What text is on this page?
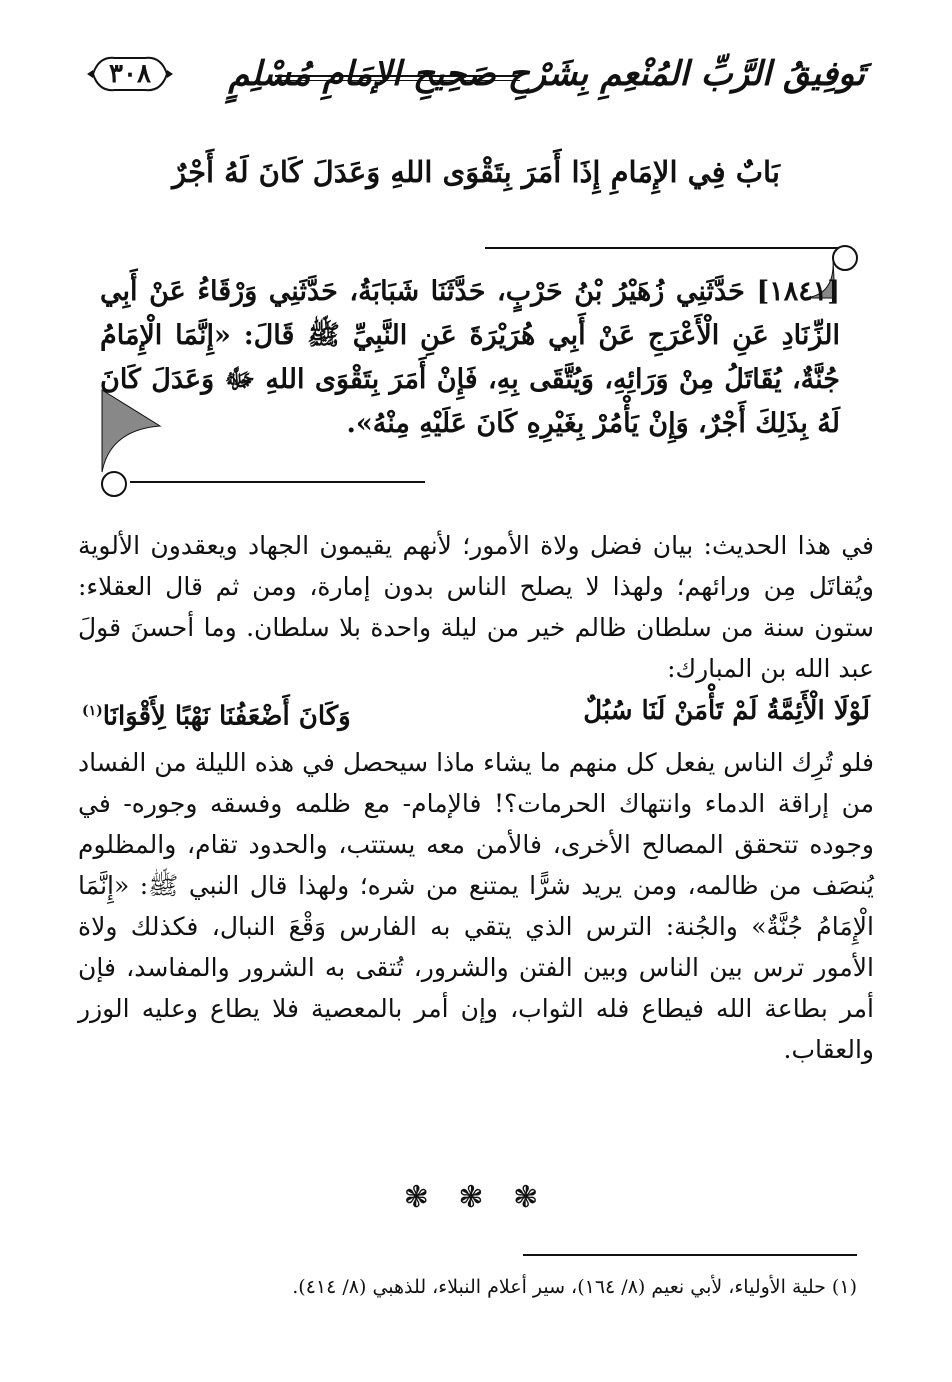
٣٠٨ تَوفِيقُ الرَّبِّ المُنْعِمِ بِشَرْحِ صَحِيحِ الإمَامِ مُسْلِمٍ
بَابٌ فِي الإِمَامِ إِذَا أَمَرَ بِتَقْوَى اللهِ وَعَدَلَ كَانَ لَهُ أَجْرٌ
[١٨٤١] حَدَّثَنِي زُهَيْرُ بْنُ حَرْبٍ، حَدَّثَنَا شَبَابَةُ، حَدَّثَنِي وَرْقَاءُ عَنْ أَبِي الزِّنَادِ عَنِ الْأَعْرَجِ عَنْ أَبِي هُرَيْرَةَ عَنِ النَّبِيِّ ﷺ قَالَ: «إِنَّمَا الْإِمَامُ جُنَّةٌ، يُقَاتَلُ مِنْ وَرَائِهِ، وَيُتَّقَى بِهِ، فَإِنْ أَمَرَ بِتَقْوَى اللهِ ﷻ وَعَدَلَ كَانَ لَهُ بِذَلِكَ أَجْرٌ، وَإِنْ يَأْمُرْ بِغَيْرِهِ كَانَ عَلَيْهِ مِنْهُ».

في هذا الحديث: بيان فضل ولاة الأمور؛ لأنهم يقيمون الجهاد ويعقدون الألوية ويُقاتَل مِن ورائهم؛ ولهذا لا يصلح الناس بدون إمارة، ومن ثم قال العقلاء: ستون سنة من سلطان ظالم خير من ليلة واحدة بلا سلطان. وما أحسنَ قولَ عبد الله بن المبارك:

لَوْلَا الْأَئِمَّةُ لَمْ تَأْمَنْ لَنَا سُبُلٌ
وَكَانَ أَضْعَفُنَا نَهْبًا لِأَقْوَانَا$^{(١)}$

فلو تُرِك الناس يفعل كل منهم ما يشاء ماذا سيحصل في هذه الليلة من الفساد من إراقة الدماء وانتهاك الحرمات؟! فالإمام- مع ظلمه وفسقه وجوره- في وجوده تتحقق المصالح الأخرى، فالأمن معه يستتب، والحدود تقام، والمظلوم يُنصَف من ظالمه، ومن يريد شرًّا يمتنع من شره؛ ولهذا قال النبي ﷺ: «إِنَّمَا الْإِمَامُ جُنَّةٌ» والجُنة: الترس الذي يتقي به الفارس وَقْعَ النبال، فكذلك ولاة الأمور ترس بين الناس وبين الفتن والشرور، تُتقى به الشرور والمفاسد، فإن أمر بطاعة الله فيطاع فله الثواب، وإن أمر بالمعصية فلا يطاع وعليه الوزر والعقاب.

❃ ❃ ❃
(١) حلية الأولياء، لأبي نعيم (٨/ ١٦٤)، سير أعلام النبلاء، للذهبي (٨/ ٤١٤).
